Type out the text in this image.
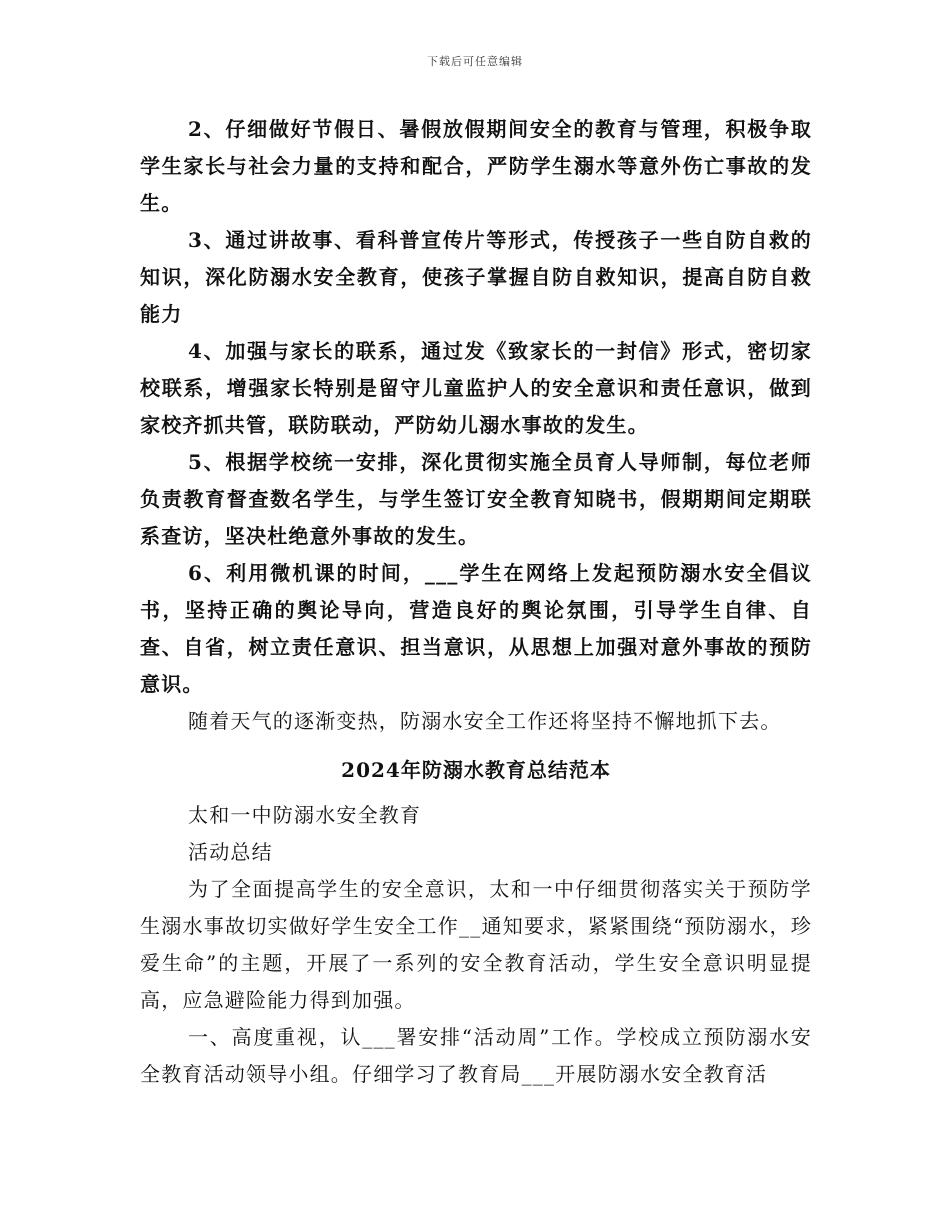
下载后可任意编辑

2、仔细做好节假日、暑假放假期间安全的教育与管理，积极争取学生家长与社会力量的支持和配合，严防学生溺水等意外伤亡事故的发生。

3、通过讲故事、看科普宣传片等形式，传授孩子一些自防自救的知识，深化防溺水安全教育，使孩子掌握自防自救知识，提高自防自救能力

4、加强与家长的联系，通过发《致家长的一封信》形式，密切家校联系，增强家长特别是留守儿童监护人的安全意识和责任意识，做到家校齐抓共管，联防联动，严防幼儿溺水事故的发生。

5、根据学校统一安排，深化贯彻实施全员育人导师制，每位老师负责教育督查数名学生，与学生签订安全教育知晓书，假期期间定期联系查访，坚决杜绝意外事故的发生。

6、利用微机课的时间，___学生在网络上发起预防溺水安全倡议书，坚持正确的舆论导向，营造良好的舆论氛围，引导学生自律、自查、自省，树立责任意识、担当意识，从思想上加强对意外事故的预防意识。

随着天气的逐渐变热，防溺水安全工作还将坚持不懈地抓下去。

2024年防溺水教育总结范本

太和一中防溺水安全教育

活动总结

为了全面提高学生的安全意识，太和一中仔细贯彻落实关于预防学生溺水事故切实做好学生安全工作__通知要求，紧紧围绕“预防溺水，珍爱生命”的主题，开展了一系列的安全教育活动，学生安全意识明显提高，应急避险能力得到加强。

一、高度重视，认___署安排“活动周”工作。学校成立预防溺水安全教育活动领导小组。仔细学习了教育局___开展防溺水安全教育活
